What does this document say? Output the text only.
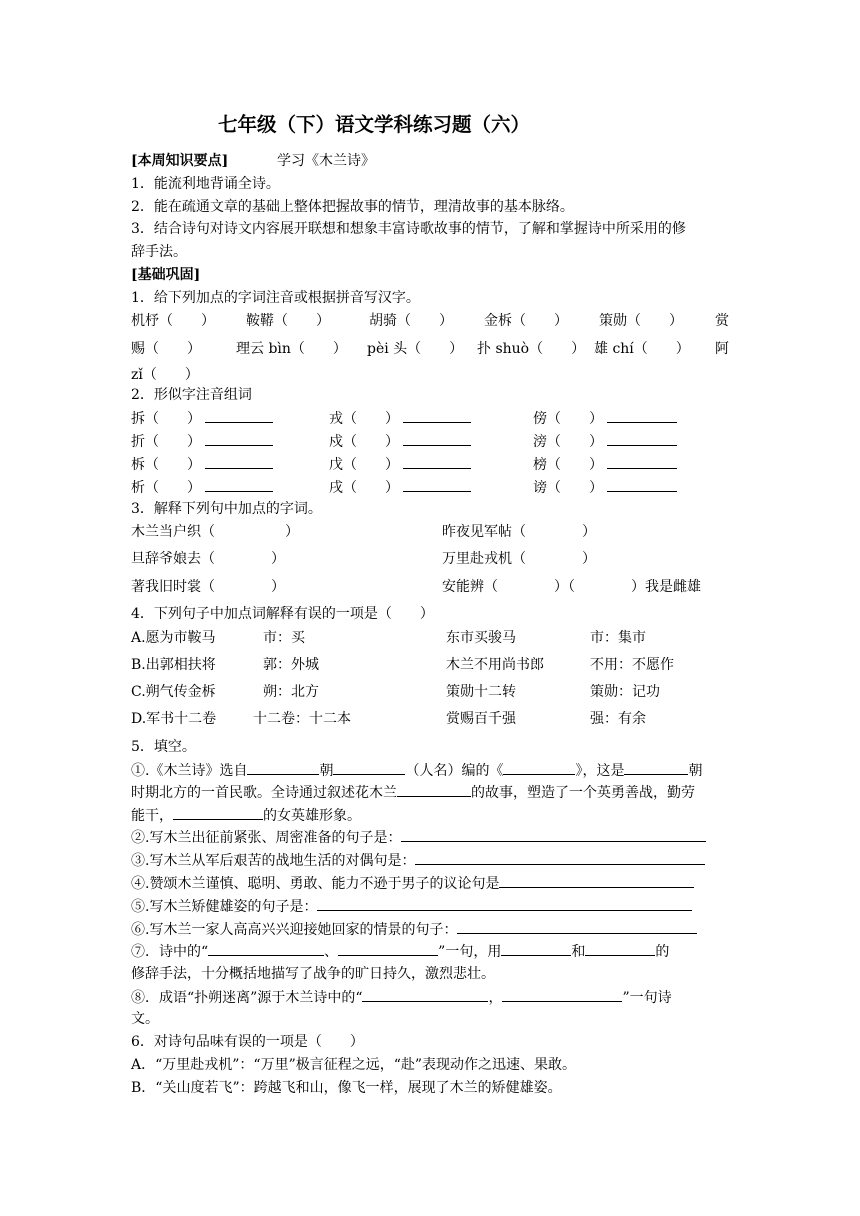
七年级（下）语文学科练习题（六）
[本周知识要点]	学习《木兰诗》
1．能流利地背诵全诗。
2．能在疏通文章的基础上整体把握故事的情节，理清故事的基本脉络。
3．结合诗句对诗文内容展开联想和想象丰富诗歌故事的情节，了解和掌握诗中所采用的修
辞手法。
[基础巩固]
1．给下列加点的字词注音或根据拼音写汉字。
机杼（　　） 鞍鞯（　　）	胡骑（　　） 金柝（　　） 策勋（　　） 赏
赐（　　）	理云 bìn（　　） pèi 头（　　） 扑 shuò（　　） 雄 chí（　　） 阿
zǐ（　　）
2．形似字注音组词
拆（　　）	戎（　　）	傍（　　）
折（　　）	戍（　　）	滂（　　）
柝（　　）	戊（　　）	榜（　　）
析（　　）	戌（　　）	谤（　　）
3．解释下列句中加点的字词。
木兰当户织（　　　　　）	昨夜见军帖（　　　　）
旦辞爷娘去（　　　　）	万里赴戎机（　　　　）
著我旧时裳（　　　　）	安能辨（　　　　）（　　　　）我是雌雄
4．下列句子中加点词解释有误的一项是（　　）
A.愿为市鞍马	市：买	东市买骏马	市：集市
B.出郭相扶将	郭：外城	木兰不用尚书郎	不用：不愿作
C.朔气传金柝	朔：北方	策勋十二转	策勋：记功
D.军书十二卷	十二卷：十二本	赏赐百千强	强：有余
5．填空。
①.《木兰诗》选自	朝	（人名）编的《	》，这是	朝
时期北方的一首民歌。全诗通过叙述花木兰	的故事，塑造了一个英勇善战，勤劳
能干，	的女英雄形象。
②.写木兰出征前紧张、周密准备的句子是：
③.写木兰从军后艰苦的战地生活的对偶句是：
④.赞颂木兰谨慎、聪明、勇敢、能力不逊于男子的议论句是
⑤.写木兰矫健雄姿的句子是：
⑥.写木兰一家人高高兴兴迎接她回家的情景的句子：
⑦．诗中的“	、	”一句，用	和	的
修辞手法，十分概括地描写了战争的旷日持久，激烈悲壮。
⑧．成语“扑朔迷离”源于木兰诗中的“	，	”一句诗
文。
6．对诗句品味有误的一项是（　　）
A．“万里赴戎机”：“万里”极言征程之远，“赴”表现动作之迅速、果敢。
B．“关山度若飞”：跨越飞和山，像飞一样，展现了木兰的矫健雄姿。
